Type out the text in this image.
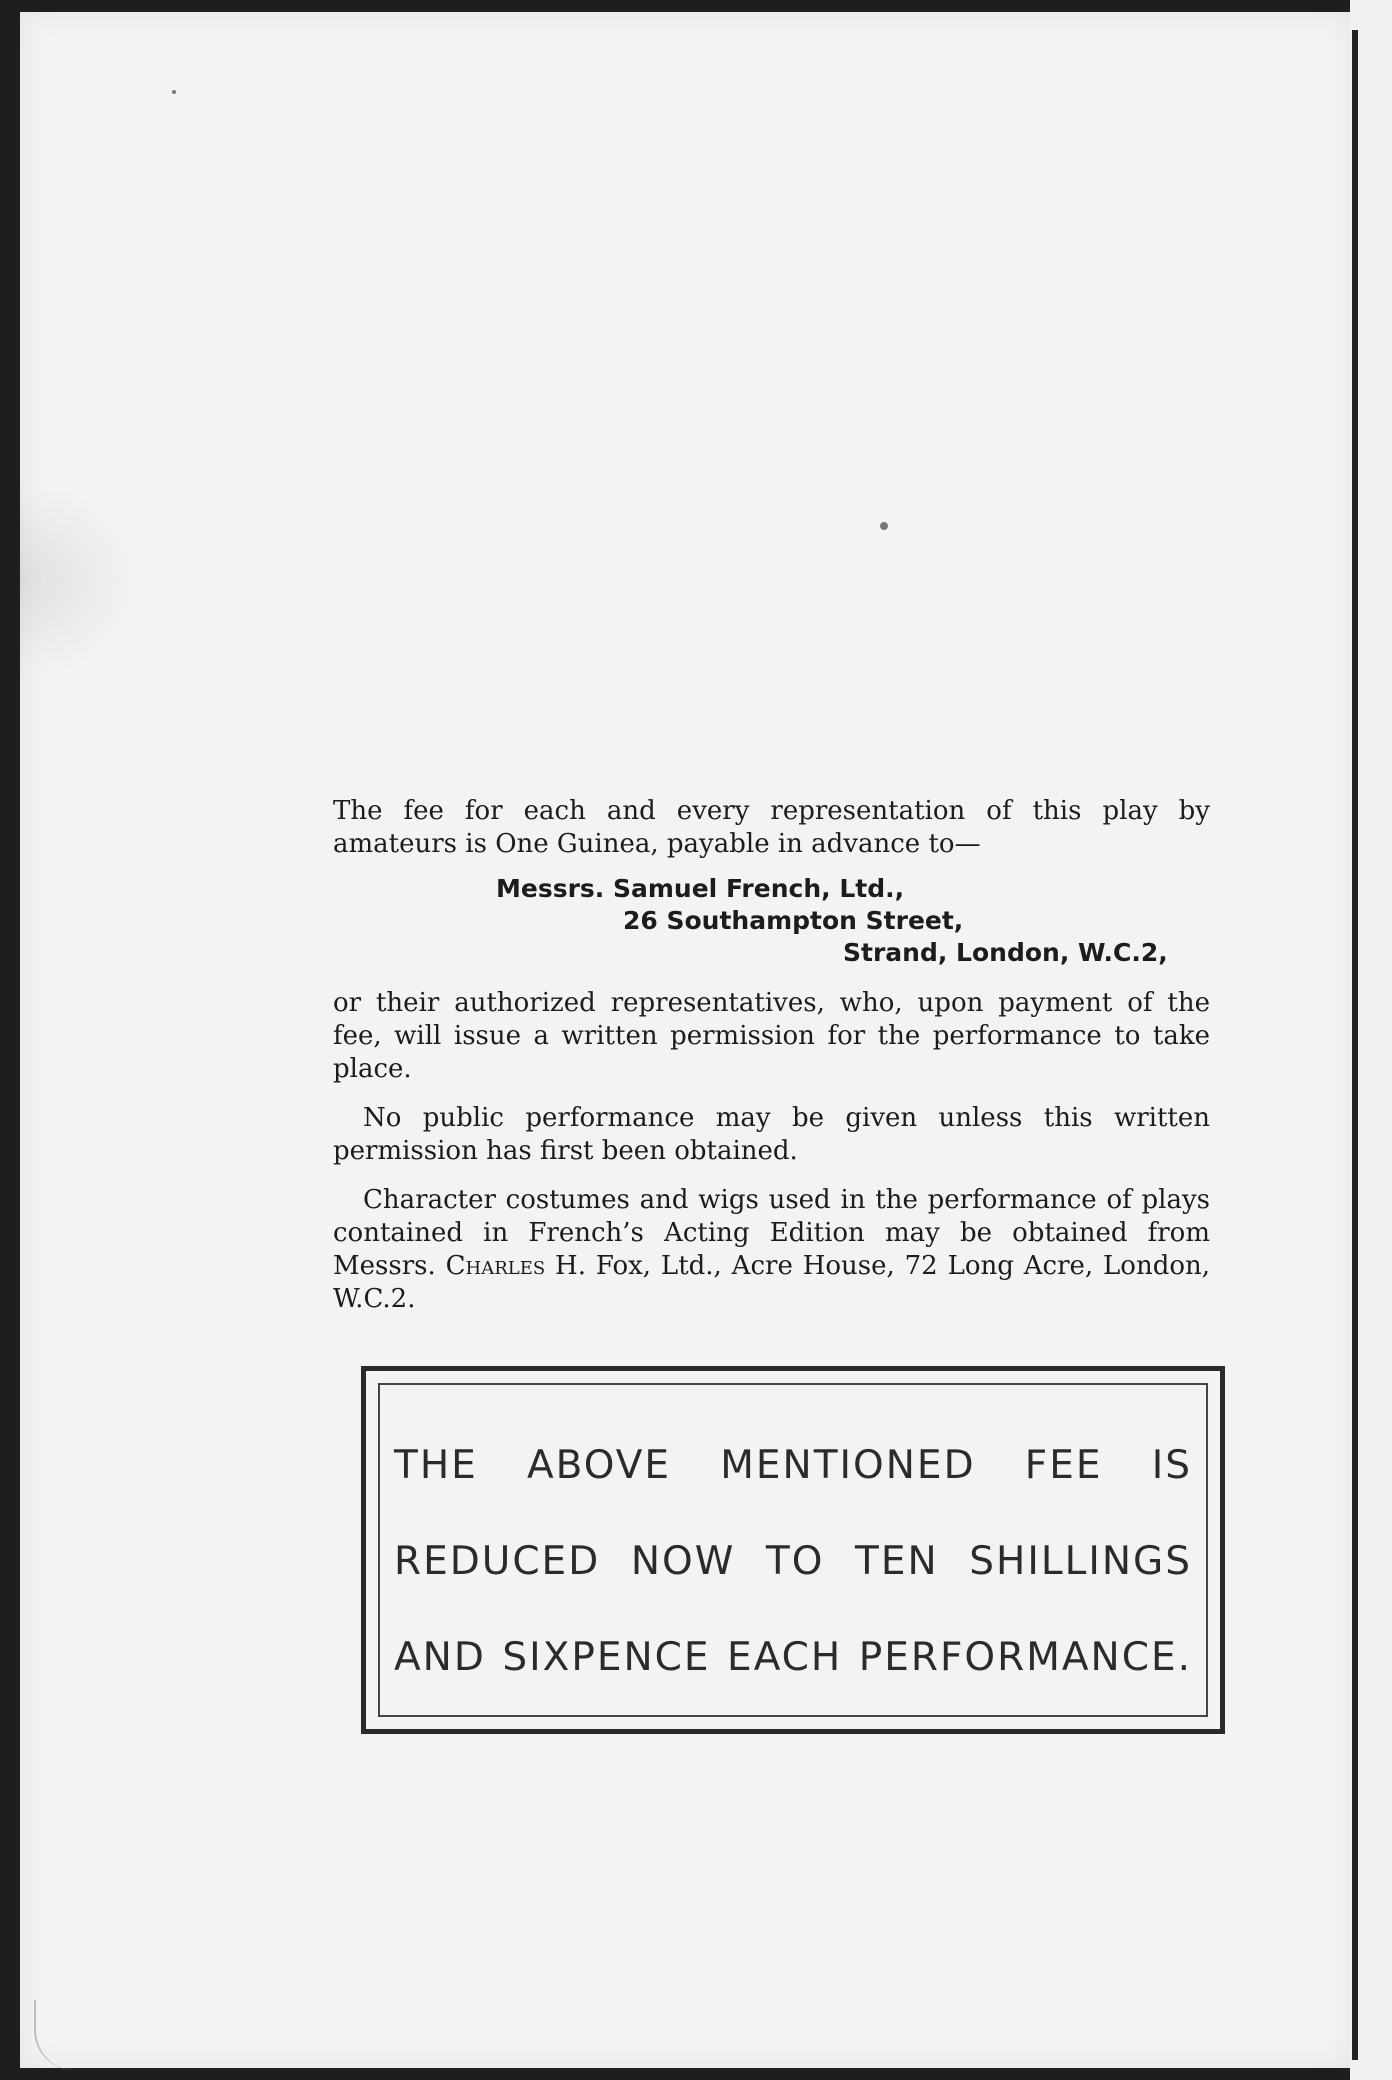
The fee for each and every representation of this play by amateurs is One Guinea, payable in advance to—

Messrs. Samuel French, Ltd.,
26 Southampton Street,
Strand, London, W.C.2,

or their authorized representatives, who, upon payment of the fee, will issue a written permission for the performance to take place.

No public performance may be given unless this written permission has first been obtained.

Character costumes and wigs used in the performance of plays contained in French’s Acting Edition may be obtained from Messrs. Charles H. Fox, Ltd., Acre House, 72 Long Acre, London, W.C.2.

THE ABOVE MENTIONED FEE IS
REDUCED NOW TO TEN SHILLINGS
AND SIXPENCE EACH PERFORMANCE.
